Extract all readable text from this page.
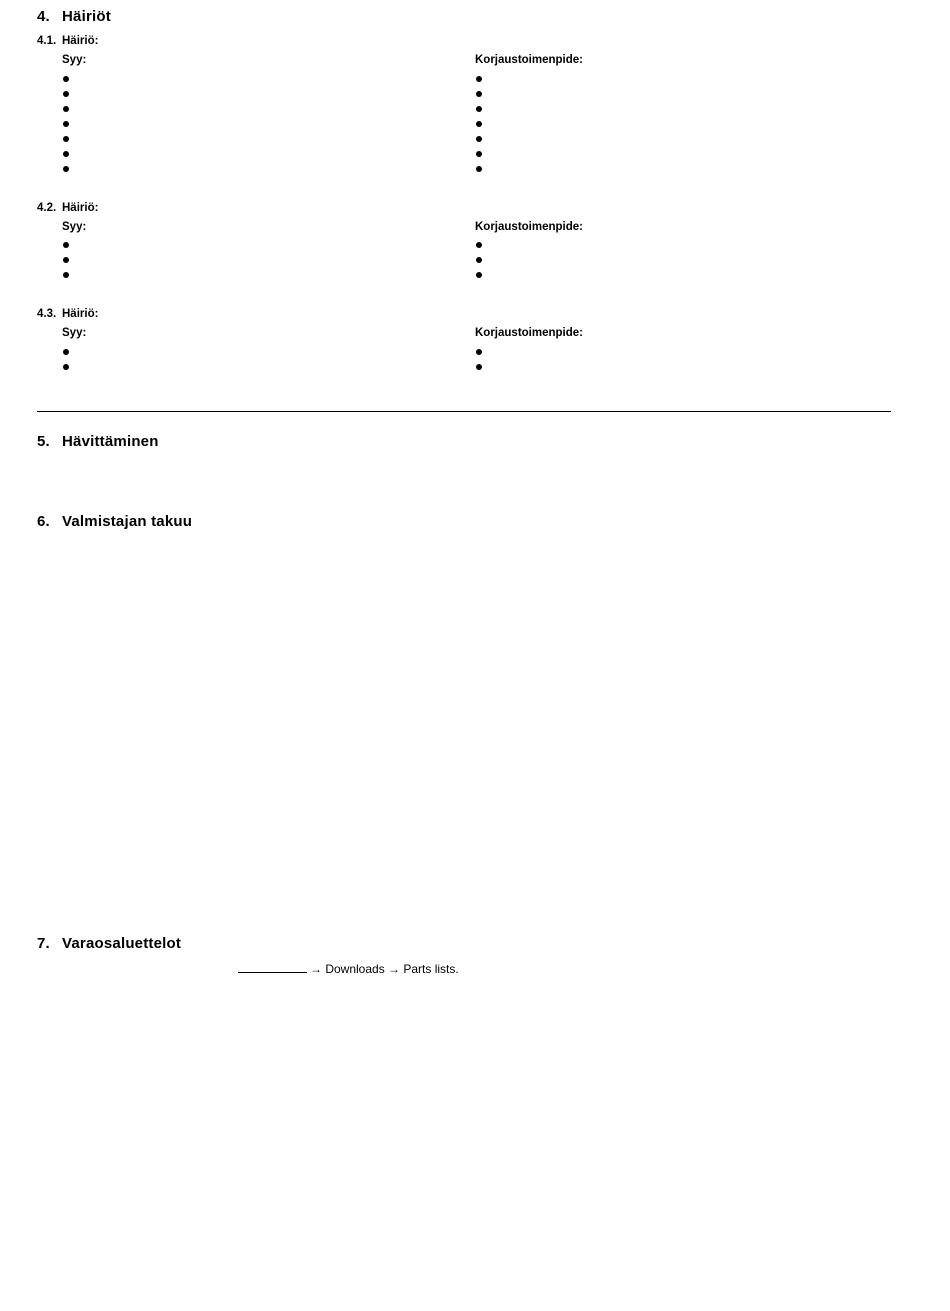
4. Häiriöt
4.1. Häiriö:
Syy:	Korjaustoimenpide:
4.2. Häiriö:
Syy:	Korjaustoimenpide:
4.3. Häiriö:
Syy:	Korjaustoimenpide:
5. Hävittäminen
6. Valmistajan takuu
7. Varaosaluettelot
→ Downloads → Parts lists.
